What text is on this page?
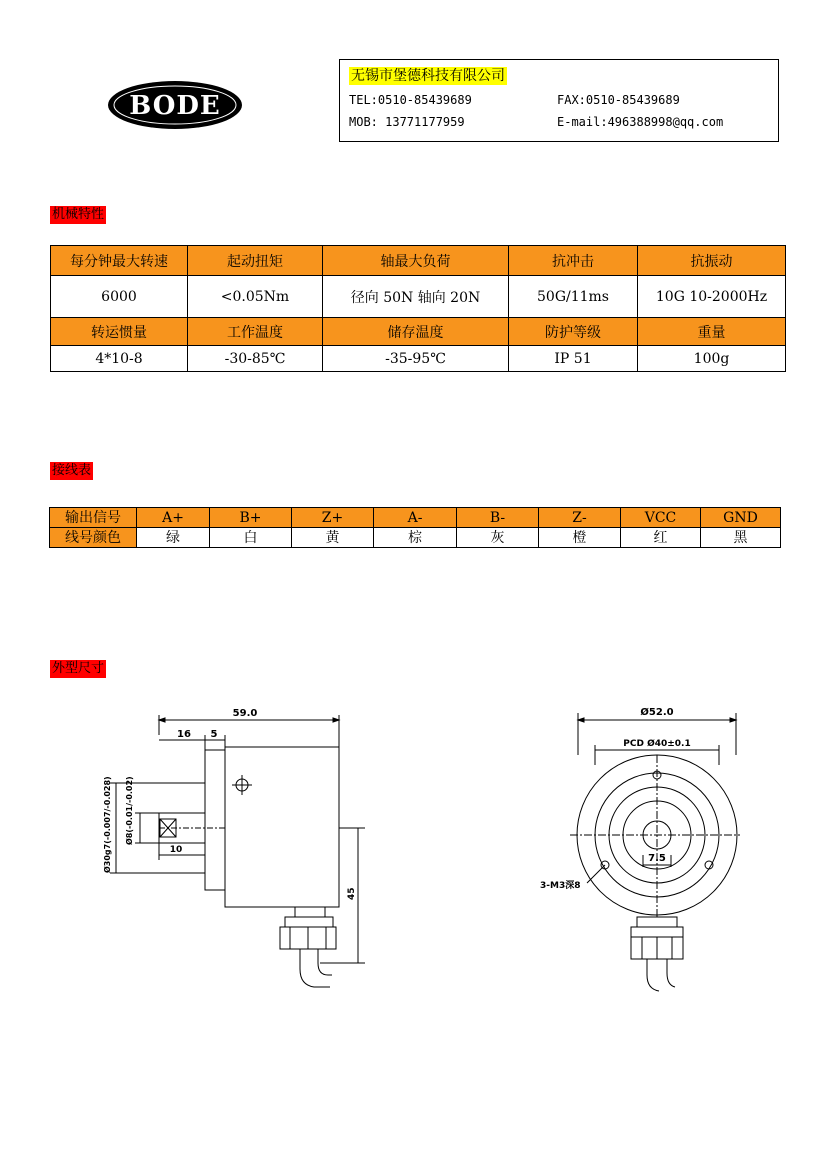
BODE
无锡市堡德科技有限公司
TEL:0510-85439689	FAX:0510-85439689
MOB: 13771177959	E-mail:496388998@qq.com
机械特性
每分钟最大转速	起动扭矩	轴最大负荷	抗冲击	抗振动
6000	<0.05Nm	径向 50N 轴向 20N	50G/11ms	10G 10-2000Hz
转运惯量	工作温度	储存温度	防护等级	重量
4*10-8	-30-85℃	-35-95℃	IP 51	100g
接线表
输出信号	A+	B+	Z+	A-	B-	Z-	VCC	GND
线号颜色	绿	白	黄	棕	灰	橙	红	黑
外型尺寸
59.0
16 5
10
Ø30g7(-0.007/-0.028) Ø8(-0.01/-0.02)
45
Ø52.0
PCD Ø40±0.1
7.5
3-M3深8
